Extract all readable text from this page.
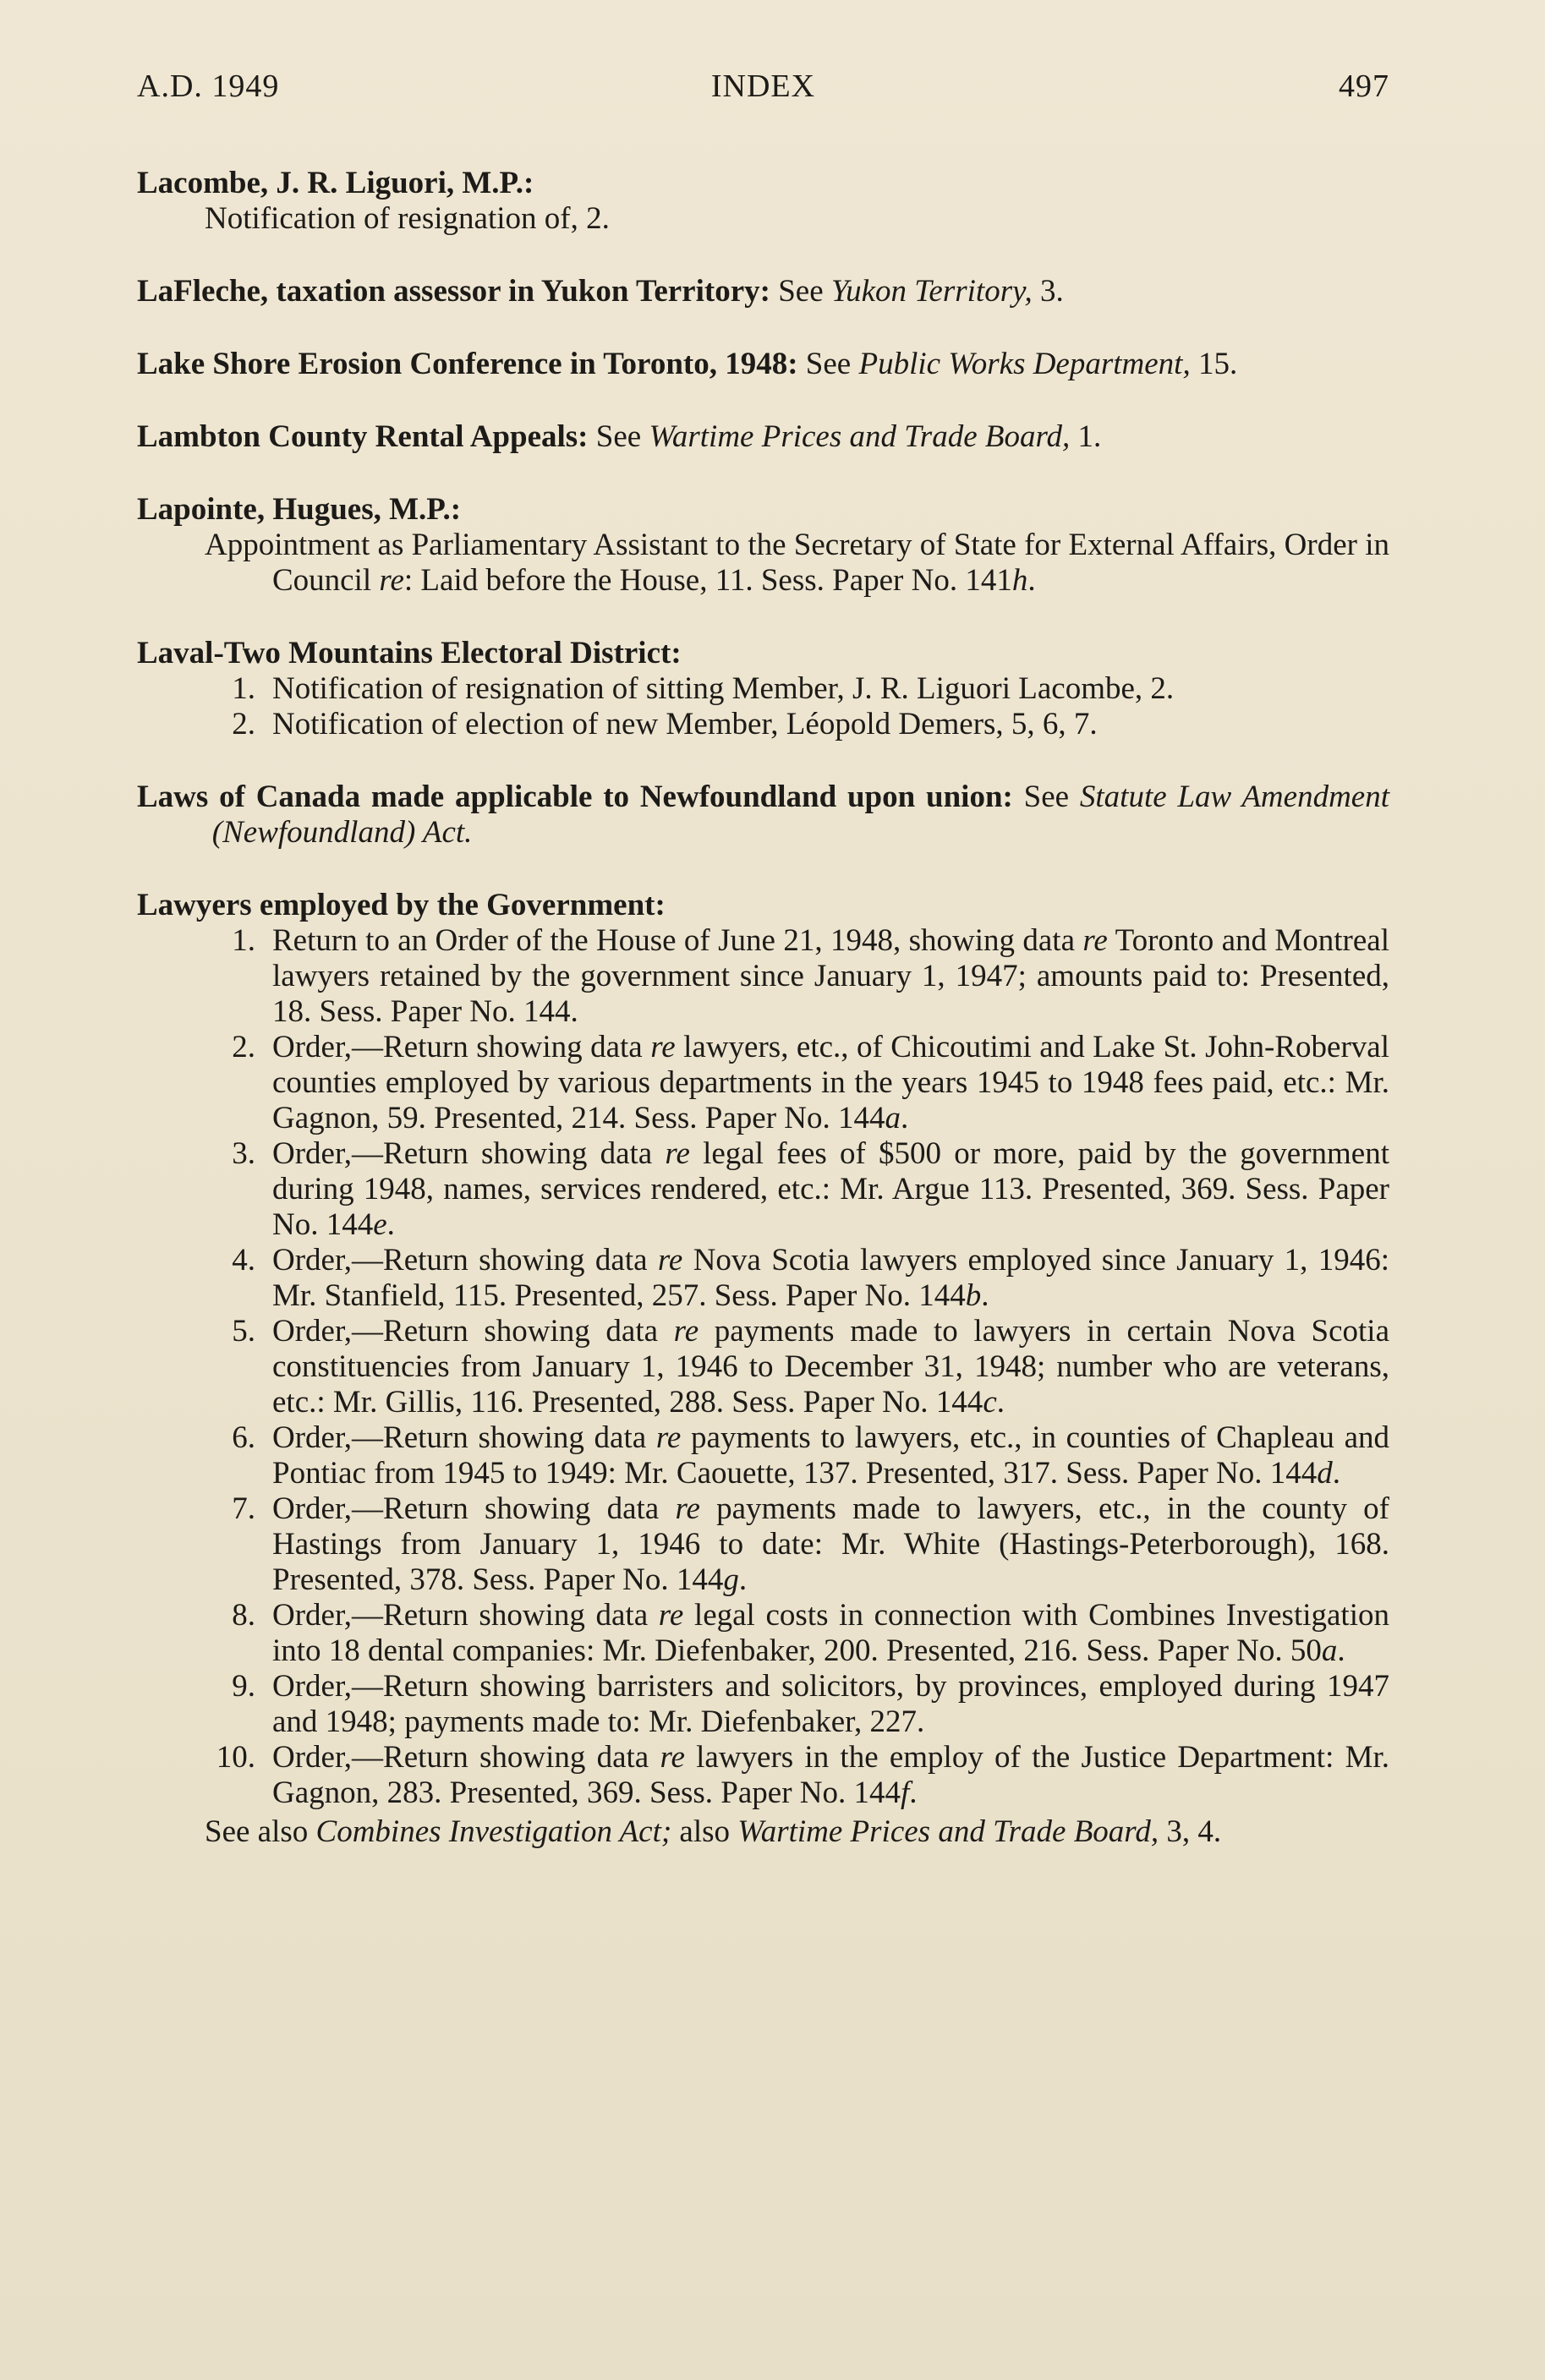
A.D. 1949	INDEX	497
Lacombe, J. R. Liguori, M.P.:
Notification of resignation of, 2.
LaFleche, taxation assessor in Yukon Territory: See Yukon Territory, 3.
Lake Shore Erosion Conference in Toronto, 1948: See Public Works Department, 15.
Lambton County Rental Appeals: See Wartime Prices and Trade Board, 1.
Lapointe, Hugues, M.P.:
Appointment as Parliamentary Assistant to the Secretary of State for External Affairs, Order in Council re: Laid before the House, 11. Sess. Paper No. 141h.
Laval-Two Mountains Electoral District:
1. Notification of resignation of sitting Member, J. R. Liguori Lacombe, 2.
2. Notification of election of new Member, Léopold Demers, 5, 6, 7.
Laws of Canada made applicable to Newfoundland upon union: See Statute Law Amendment (Newfoundland) Act.
Lawyers employed by the Government:
1. Return to an Order of the House of June 21, 1948, showing data re Toronto and Montreal lawyers retained by the government since January 1, 1947; amounts paid to: Presented, 18. Sess. Paper No. 144.
2. Order,—Return showing data re lawyers, etc., of Chicoutimi and Lake St. John-Roberval counties employed by various departments in the years 1945 to 1948 fees paid, etc.: Mr. Gagnon, 59. Presented, 214. Sess. Paper No. 144a.
3. Order,—Return showing data re legal fees of $500 or more, paid by the government during 1948, names, services rendered, etc.: Mr. Argue 113. Presented, 369. Sess. Paper No. 144e.
4. Order,—Return showing data re Nova Scotia lawyers employed since January 1, 1946: Mr. Stanfield, 115. Presented, 257. Sess. Paper No. 144b.
5. Order,—Return showing data re payments made to lawyers in certain Nova Scotia constituencies from January 1, 1946 to December 31, 1948; number who are veterans, etc.: Mr. Gillis, 116. Presented, 288. Sess. Paper No. 144c.
6. Order,—Return showing data re payments to lawyers, etc., in counties of Chapleau and Pontiac from 1945 to 1949: Mr. Caouette, 137. Presented, 317. Sess. Paper No. 144d.
7. Order,—Return showing data re payments made to lawyers, etc., in the county of Hastings from January 1, 1946 to date: Mr. White (Hastings-Peterborough), 168. Presented, 378. Sess. Paper No. 144g.
8. Order,—Return showing data re legal costs in connection with Combines Investigation into 18 dental companies: Mr. Diefenbaker, 200. Presented, 216. Sess. Paper No. 50a.
9. Order,—Return showing barristers and solicitors, by provinces, employed during 1947 and 1948; payments made to: Mr. Diefenbaker, 227.
10. Order,—Return showing data re lawyers in the employ of the Justice Department: Mr. Gagnon, 283. Presented, 369. Sess. Paper No. 144f.
See also Combines Investigation Act; also Wartime Prices and Trade Board, 3, 4.
